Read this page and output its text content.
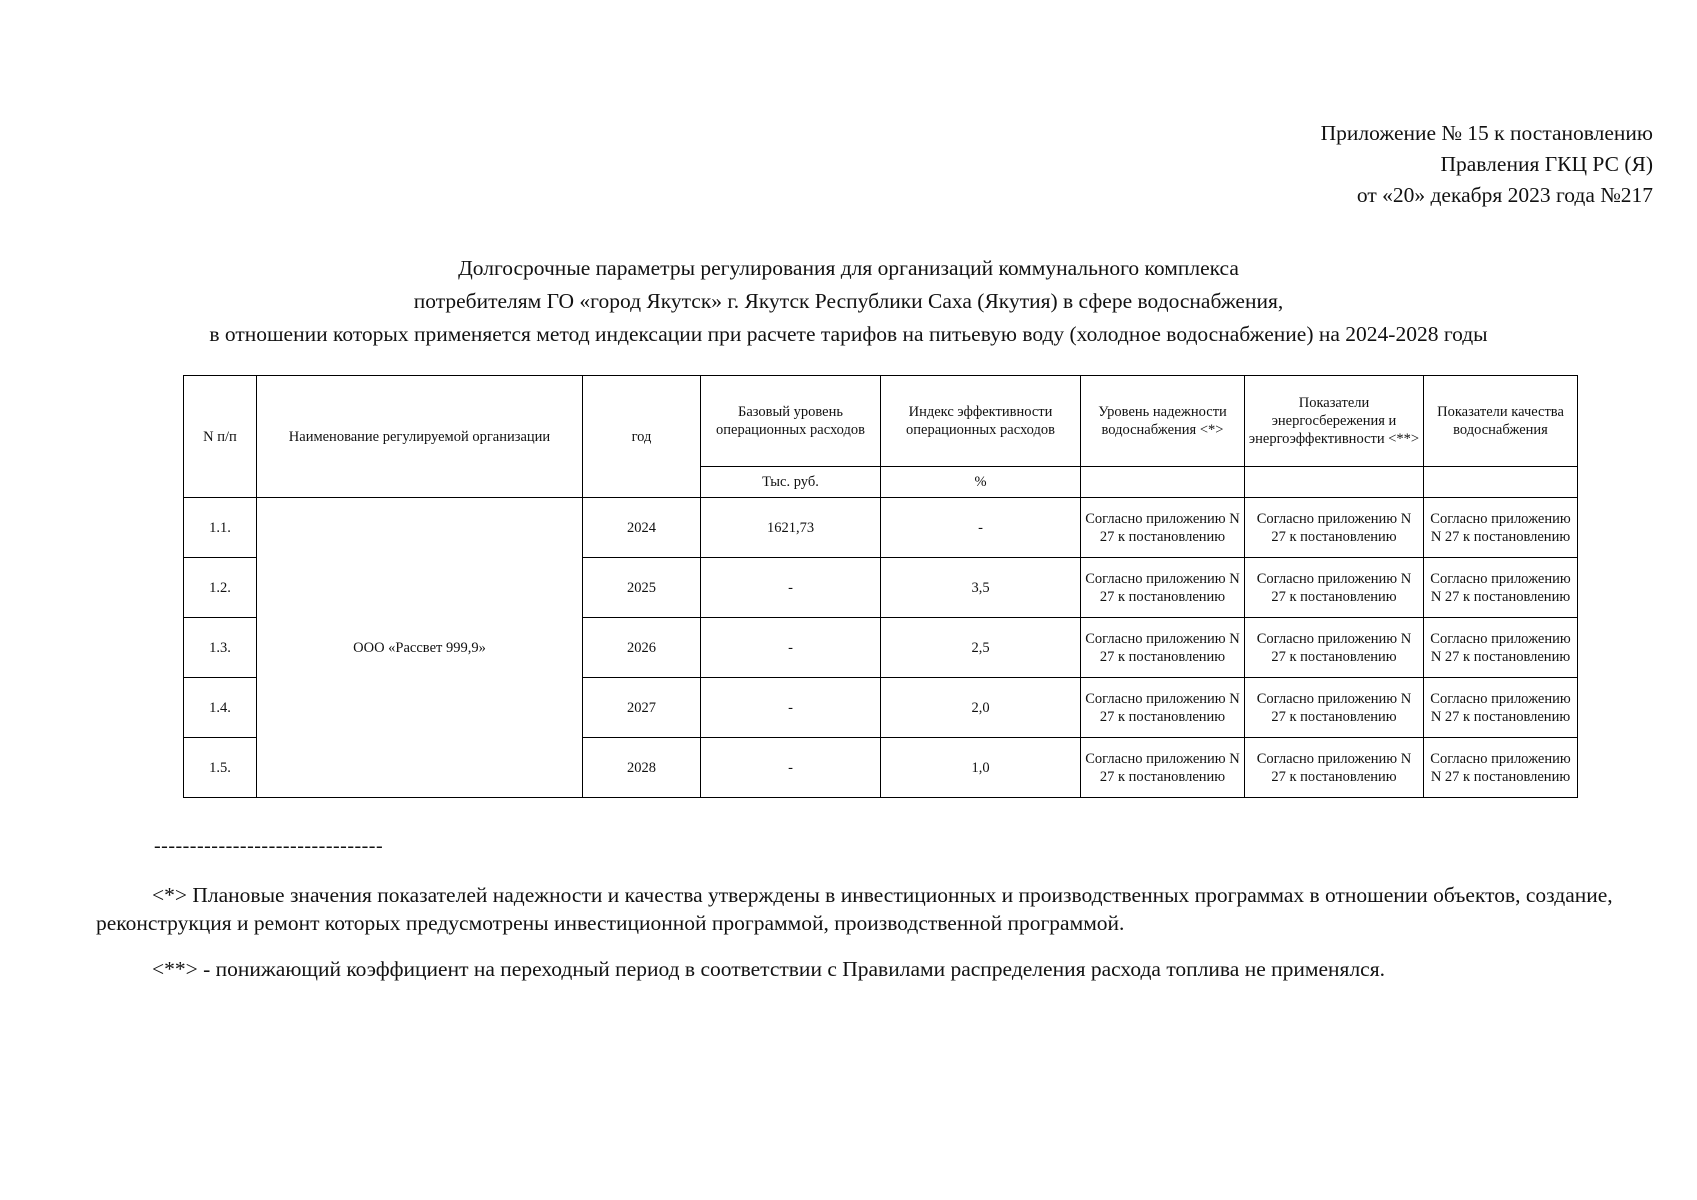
Приложение № 15 к постановлению
Правления ГКЦ РС (Я)
от «20» декабря 2023 года №217
Долгосрочные параметры регулирования для организаций коммунального комплекса
потребителям ГО «город Якутск» г. Якутск Республики Саха (Якутия) в сфере водоснабжения,
в отношении которых применяется метод индексации при расчете тарифов на питьевую воду (холодное водоснабжение) на 2024-2028 годы
N п/п	Наименование регулируемой организации	год	Базовый уровень операционных расходов	Индекс эффективности операционных расходов	Уровень надежности водоснабжения <*>	Показатели энергосбережения и энергоэффективности <**>	Показатели качества водоснабжения
			Тыс. руб.	%			
1.1.	ООО «Рассвет 999,9»	2024	1621,73	-	Согласно приложению N 27 к постановлению	Согласно приложению N 27 к постановлению	Согласно приложению N 27 к постановлению
1.2.		2025	-	3,5	Согласно приложению N 27 к постановлению	Согласно приложению N 27 к постановлению	Согласно приложению N 27 к постановлению
1.3.		2026	-	2,5	Согласно приложению N 27 к постановлению	Согласно приложению N 27 к постановлению	Согласно приложению N 27 к постановлению
1.4.		2027	-	2,0	Согласно приложению N 27 к постановлению	Согласно приложению N 27 к постановлению	Согласно приложению N 27 к постановлению
1.5.		2028	-	1,0	Согласно приложению N 27 к постановлению	Согласно приложению N 27 к постановлению	Согласно приложению N 27 к постановлению
--------------------------------

<*> Плановые значения показателей надежности и качества утверждены в инвестиционных и производственных программах в отношении объектов, создание, реконструкция и ремонт которых предусмотрены инвестиционной программой, производственной программой.

<**> - понижающий коэффициент на переходный период в соответствии с Правилами распределения расхода топлива не применялся.
